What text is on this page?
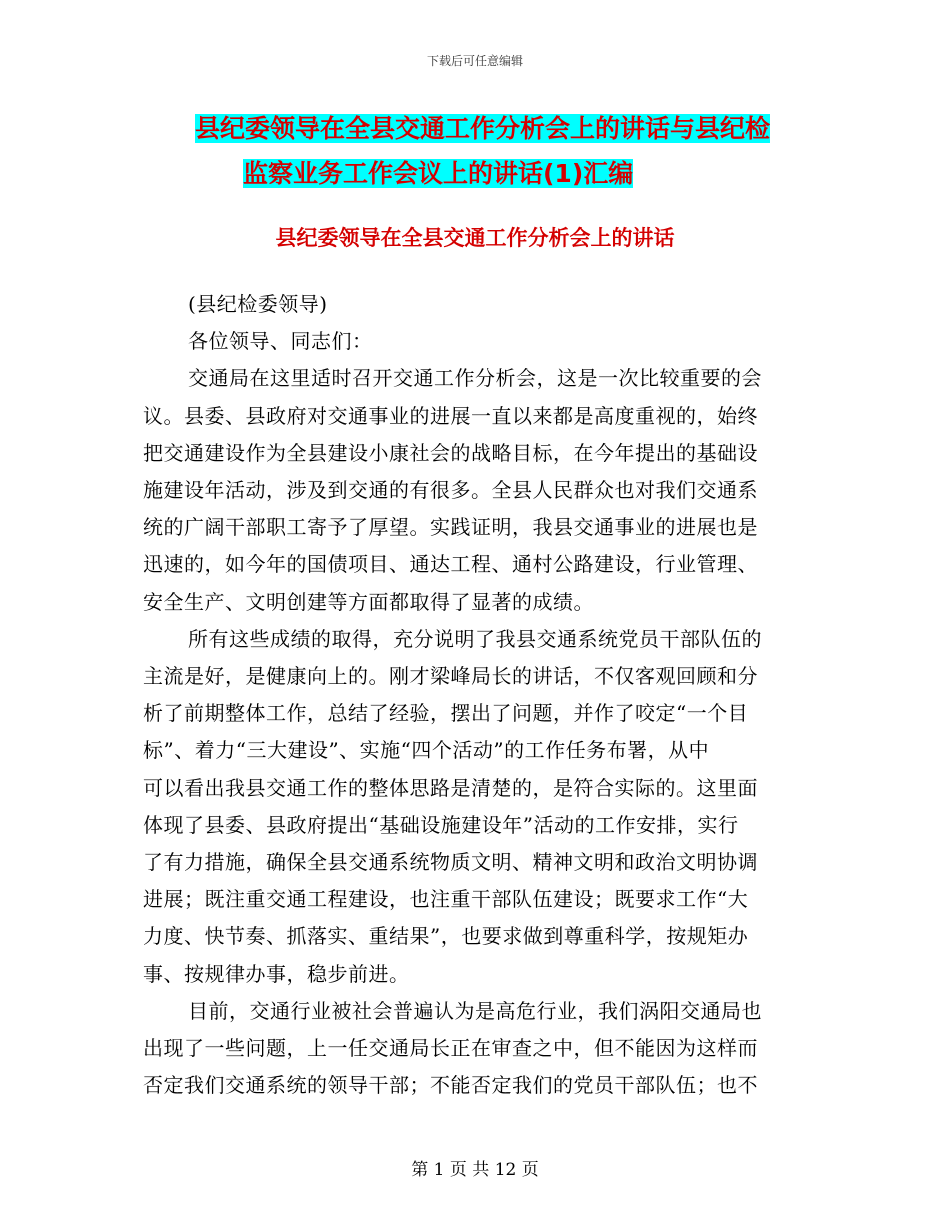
下载后可任意编辑
县纪委领导在全县交通工作分析会上的讲话与县纪检
监察业务工作会议上的讲话(1)汇编
县纪委领导在全县交通工作分析会上的讲话

(县纪检委领导)

各位领导、同志们：

交通局在这里适时召开交通工作分析会，这是一次比较重要的会

议。县委、县政府对交通事业的进展一直以来都是高度重视的，始终

把交通建设作为全县建设小康社会的战略目标，在今年提出的基础设

施建设年活动，涉及到交通的有很多。全县人民群众也对我们交通系

统的广阔干部职工寄予了厚望。实践证明，我县交通事业的进展也是

迅速的，如今年的国债项目、通达工程、通村公路建设，行业管理、

安全生产、文明创建等方面都取得了显著的成绩。

所有这些成绩的取得，充分说明了我县交通系统党员干部队伍的

主流是好，是健康向上的。刚才梁峰局长的讲话，不仅客观回顾和分

析了前期整体工作，总结了经验，摆出了问题，并作了咬定“一个目

标”、着力“三大建设”、实施“四个活动”的工作任务布署，从中

可以看出我县交通工作的整体思路是清楚的，是符合实际的。这里面

体现了县委、县政府提出“基础设施建设年”活动的工作安排，实行

了有力措施，确保全县交通系统物质文明、精神文明和政治文明协调

进展；既注重交通工程建设，也注重干部队伍建设；既要求工作“大

力度、快节奏、抓落实、重结果”，也要求做到尊重科学，按规矩办

事、按规律办事，稳步前进。

目前，交通行业被社会普遍认为是高危行业，我们涡阳交通局也

出现了一些问题，上一任交通局长正在审查之中，但不能因为这样而

否定我们交通系统的领导干部；不能否定我们的党员干部队伍；也不

第 1 页 共 12 页
